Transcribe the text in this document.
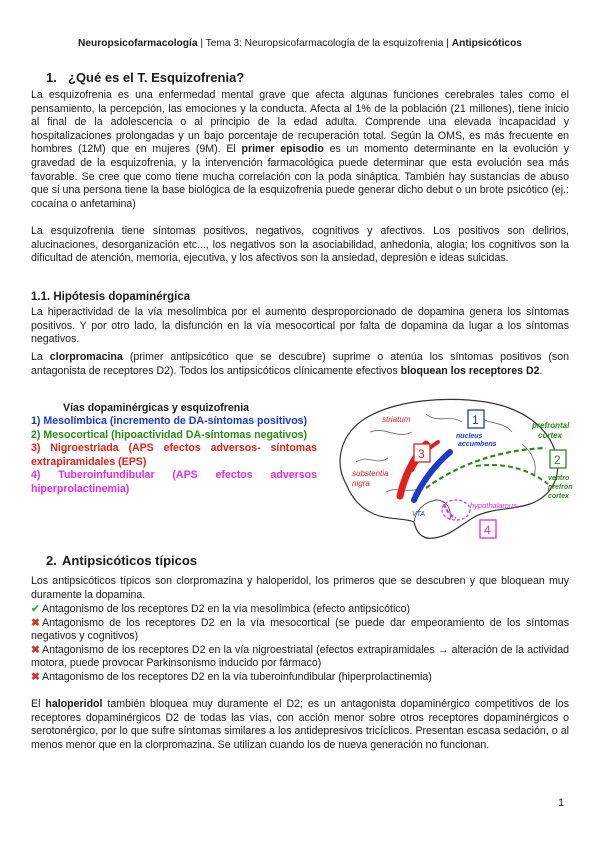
Neuropsicofarmacología | Tema 3: Neuropsicofarmacología de la esquizofrenia | Antipsicóticos
1. ¿Qué es el T. Esquizofrenia?

La esquizofrenia es una enfermedad mental grave que afecta algunas funciones cerebrales tales como el pensamiento, la percepción, las emociones y la conducta. Afecta al 1% de la población (21 millones), tiene inicio al final de la adolescencia o al principio de la edad adulta. Comprende una elevada incapacidad y hospitalizaciones prolongadas y un bajo porcentaje de recuperación total. Según la OMS, es más frecuente en hombres (12M) que en mujeres (9M). El primer episodio es un momento determinante en la evolución y gravedad de la esquizofrenia, y la intervención farmacológica puede determinar que esta evolución sea más favorable. Se cree que como tiene mucha correlación con la poda sináptica. También hay sustancias de abuso que si una persona tiene la base biológica de la esquizofrenia puede generar dicho debut o un brote psicótico (ej.: cocaína o anfetamina)

La esquizofrenia tiene síntomas positivos, negativos, cognitivos y afectivos. Los positivos son delirios, alucinaciones, desorganización etc..., los negativos son la asociabilidad, anhedonia, alogia; los cognitivos son la dificultad de atención, memoria, ejecutiva, y los afectivos son la ansiedad, depresión e ideas suicidas.

1.1. Hipótesis dopaminérgica

La hiperactividad de la vía mesolímbica por el aumento desproporcionado de dopamina genera los síntomas positivos. Y por otro lado, la disfunción en la vía mesocortical por falta de dopamina da lugar a los síntomas negativos.

La clorpromacina (primer antipsicótico que se descubre) suprime o atenúa los síntomas positivos (son antagonista de receptores D2). Todos los antipsicóticos clínicamente efectivos bloquean los receptores D2.

Vías dopaminérgicas y esquizofrenia
1) Mesolímbica (incremento de DA-síntomas positivos)
2) Mesocortical (hipoactividad DA-síntomas negativos)
3) Nigroestriada (APS efectos adversos- síntomas extrapiramidales (EPS)
4) Tuberoinfundibular (APS efectos adversos hiperprolactinemia)
striatum
nucleus
accumbens
prefrontal
cortex
substentia
nigra
VTA
ventro
prefron
cortex
hypothalamus
1
2
3
4
2. Antipsicóticos típicos

Los antipsicóticos típicos son clorpromazina y haloperidol, los primeros que se descubren y que bloquean muy duramente la dopamina.

✔ Antagonismo de los receptores D2 en la vía mesolímbica (efecto antipsicótico)
✖ Antagonismo de los receptores D2 en la vía mesocortical (se puede dar empeoramiento de los síntomas negativos y cognitivos)
✖ Antagonismo de los receptores D2 en la vía nigroestriatal (efectos extrapiramidales → alteración de la actividad motora, puede provocar Parkinsonismo inducido por fármaco)
✖ Antagonismo de los receptores D2 en la vía tuberoinfundibular (hiperprolactinemia)

El haloperidol también bloquea muy duramente el D2; es un antagonista dopaminérgico competitivos de los receptores dopaminérgicos D2 de todas las vías, con acción menor sobre otros receptores dopaminérgicos o serotonérgico, por lo que sufre síntomas similares a los antidepresivos tricíclicos. Presentan escasa sedación, o al menos menor que en la clorpromazina. Se utilizan cuando los de nueva generación no funcionan.

1
